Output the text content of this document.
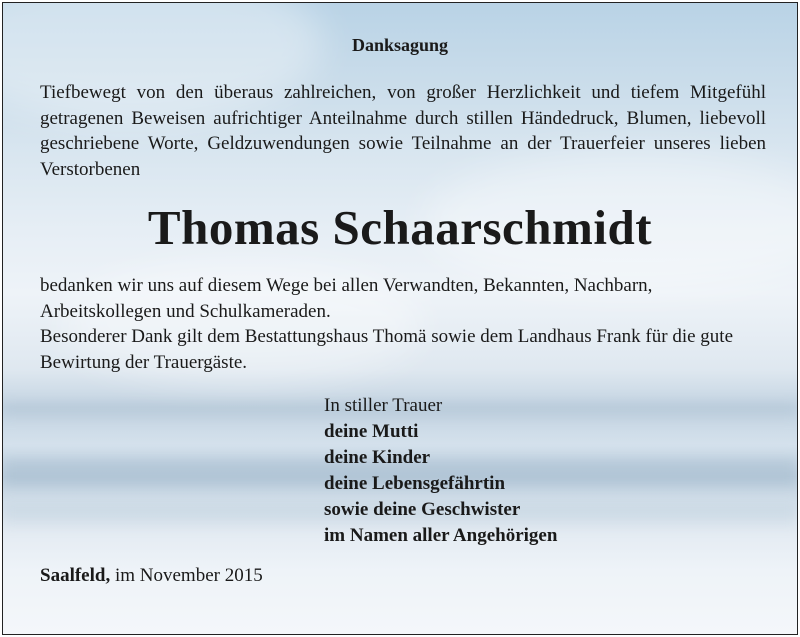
Danksagung
Tiefbewegt von den überaus zahlreichen, von großer Herzlichkeit und tiefem Mitgefühl getragenen Beweisen aufrichtiger Anteilnahme durch stillen Händedruck, Blumen, liebevoll geschriebene Worte, Geldzuwendungen sowie Teilnahme an der Trauerfeier unseres lieben Verstorbenen
Thomas Schaarschmidt

bedanken wir uns auf diesem Wege bei allen Verwandten, Bekannten, Nachbarn, Arbeitskollegen und Schulkameraden.

Besonderer Dank gilt dem Bestattungshaus Thomä sowie dem Landhaus Frank für die gute Bewirtung der Trauergäste.

In stiller Trauer
deine Mutti
deine Kinder
deine Lebensgefährtin
sowie deine Geschwister
im Namen aller Angehörigen
Saalfeld, im November 2015
